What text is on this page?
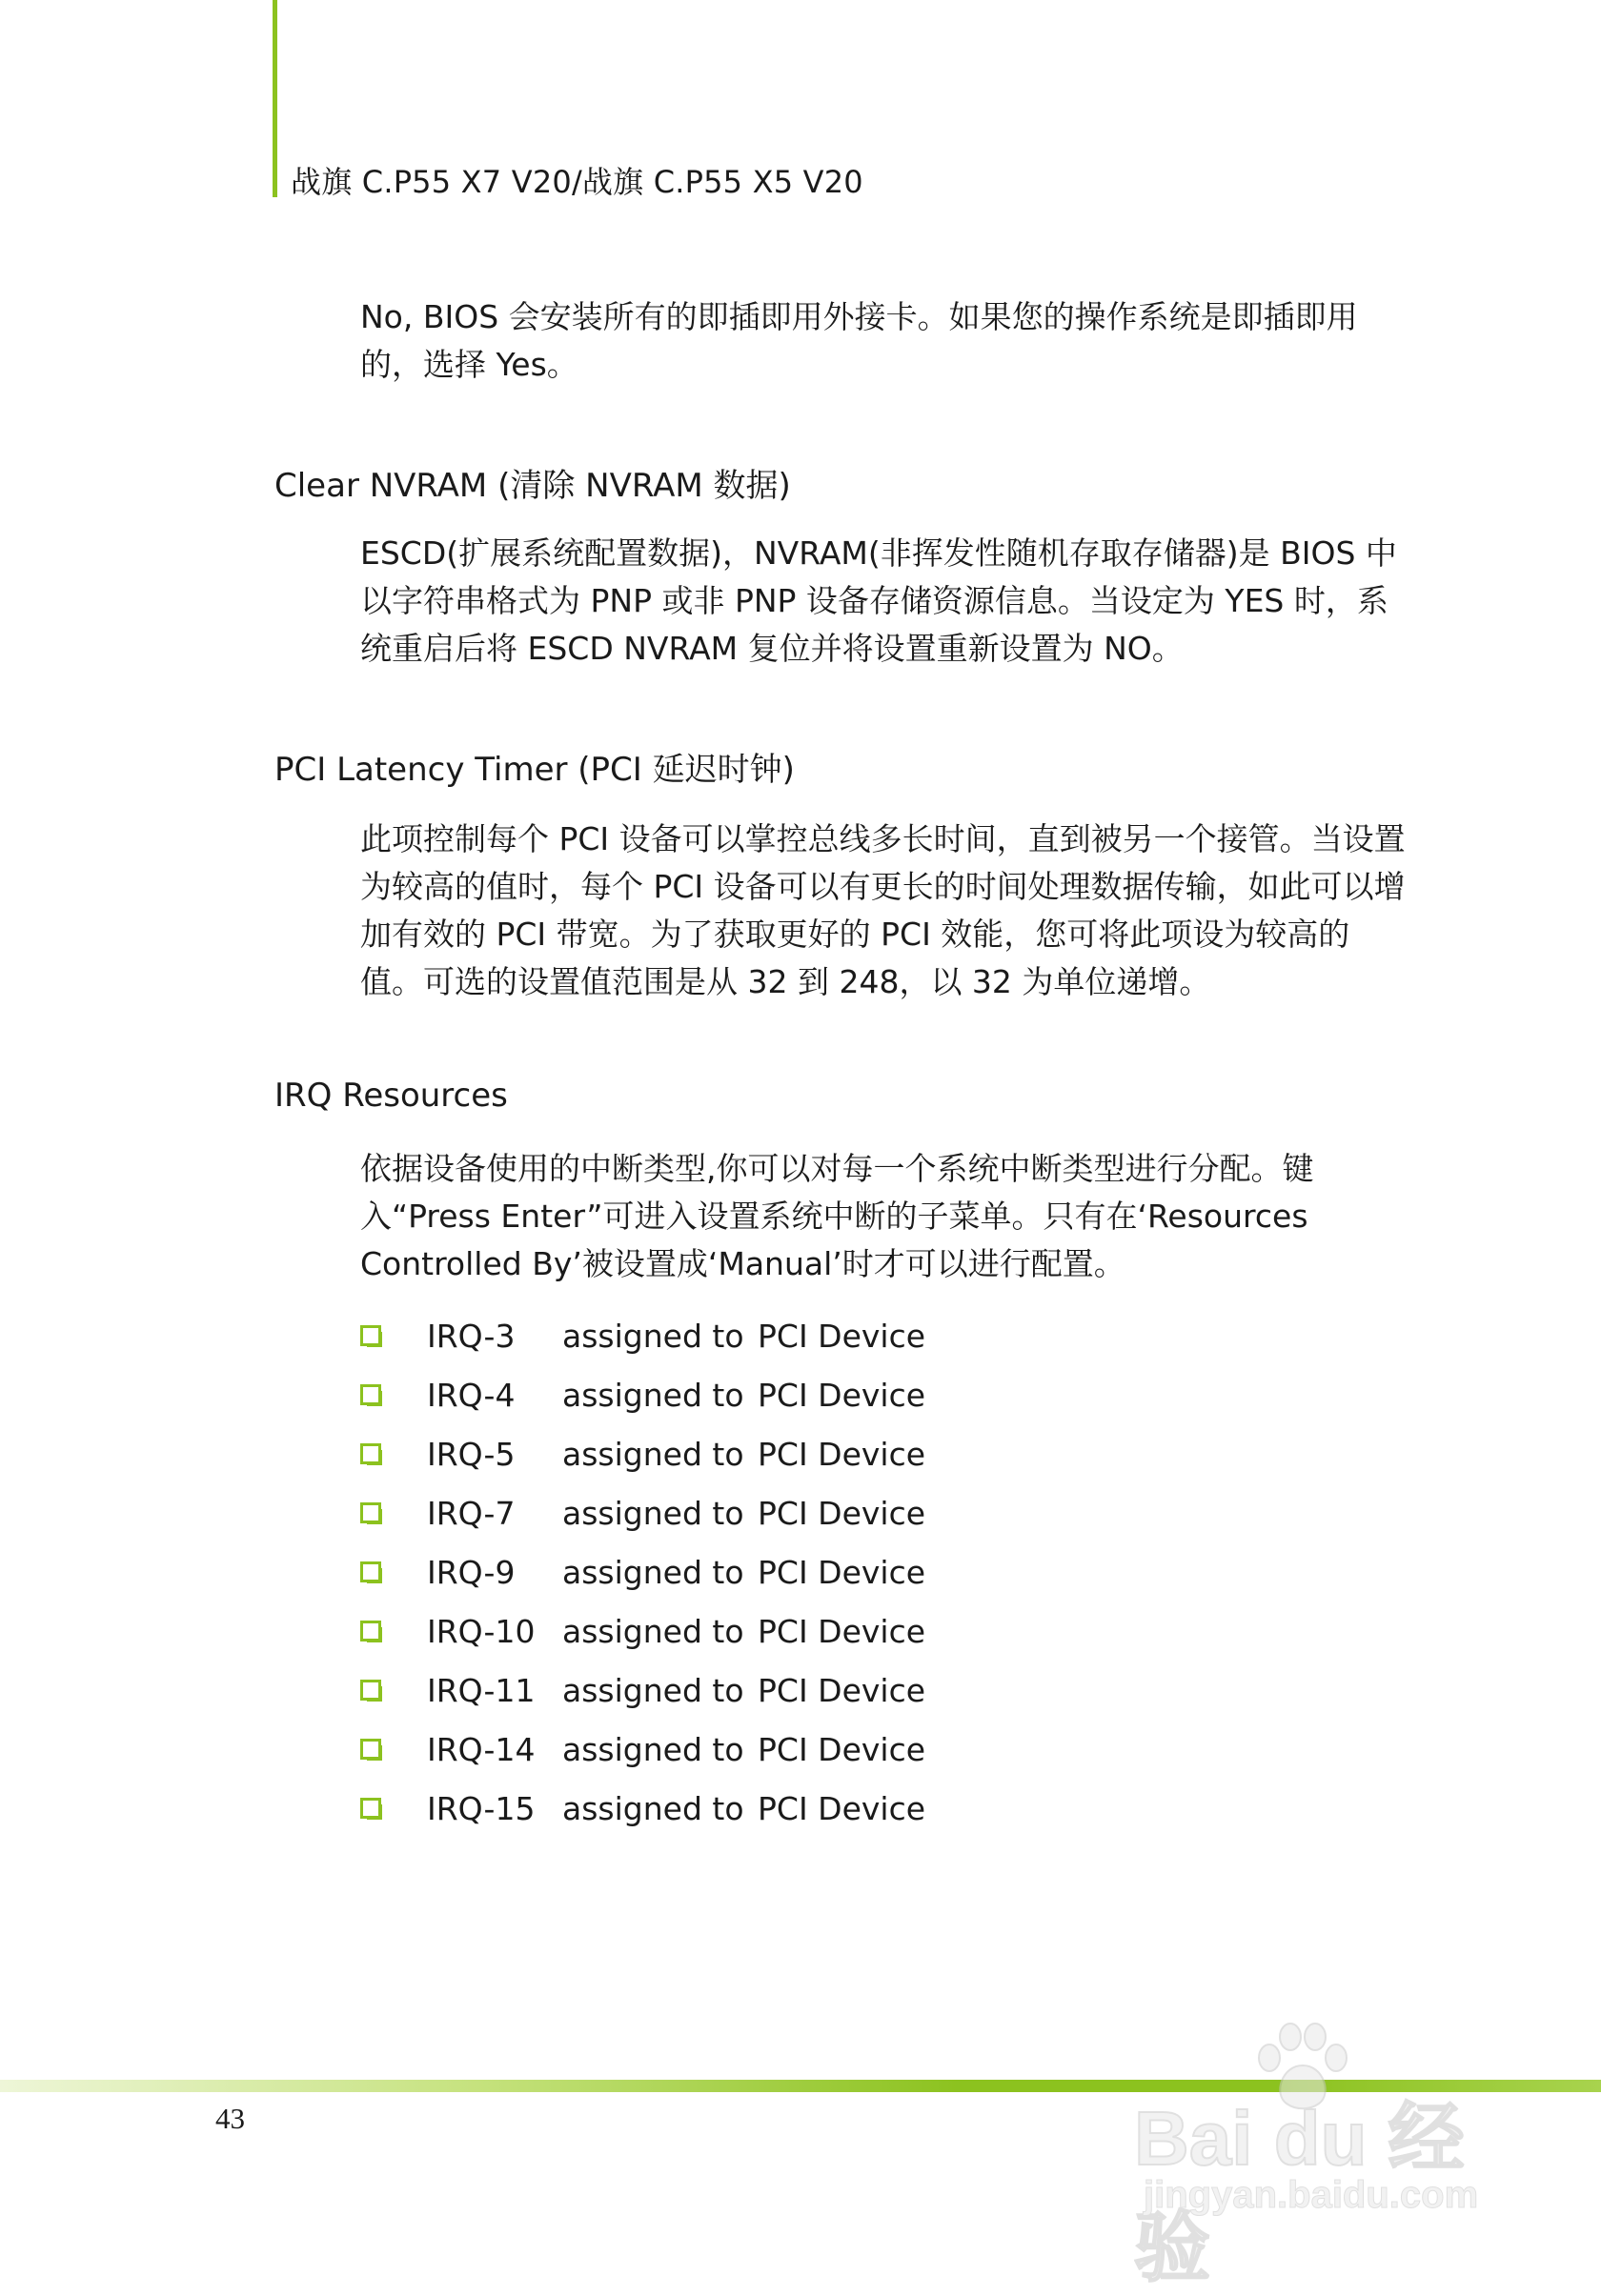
战旗 C.P55 X7 V20/战旗 C.P55 X5 V20

No, BIOS 会安装所有的即插即用外接卡。如果您的操作系统是即插即用的，选择 Yes。

Clear NVRAM (清除 NVRAM 数据)

ESCD(扩展系统配置数据)，NVRAM(非挥发性随机存取存储器)是 BIOS 中以字符串格式为 PNP 或非 PNP 设备存储资源信息。当设定为 YES 时，系统重启后将 ESCD NVRAM 复位并将设置重新设置为 NO。

PCI Latency Timer (PCI 延迟时钟)

此项控制每个 PCI 设备可以掌控总线多长时间，直到被另一个接管。当设置为较高的值时，每个 PCI 设备可以有更长的时间处理数据传输，如此可以增加有效的 PCI 带宽。为了获取更好的 PCI 效能，您可将此项设为较高的值。可选的设置值范围是从 32 到 248，以 32 为单位递增。

IRQ Resources

依据设备使用的中断类型,你可以对每一个系统中断类型进行分配。键入“Press Enter”可进入设置系统中断的子菜单。只有在‘Resources Controlled By’被设置成‘Manual’时才可以进行配置。

IRQ-3	assigned to PCI Device
IRQ-4	assigned to PCI Device
IRQ-5	assigned to PCI Device
IRQ-7	assigned to PCI Device
IRQ-9	assigned to PCI Device
IRQ-10 assigned to PCI Device
IRQ-11 assigned to PCI Device
IRQ-14 assigned to PCI Device
IRQ-15 assigned to PCI Device
43	Bai du 经验
jingyan.baidu.com
